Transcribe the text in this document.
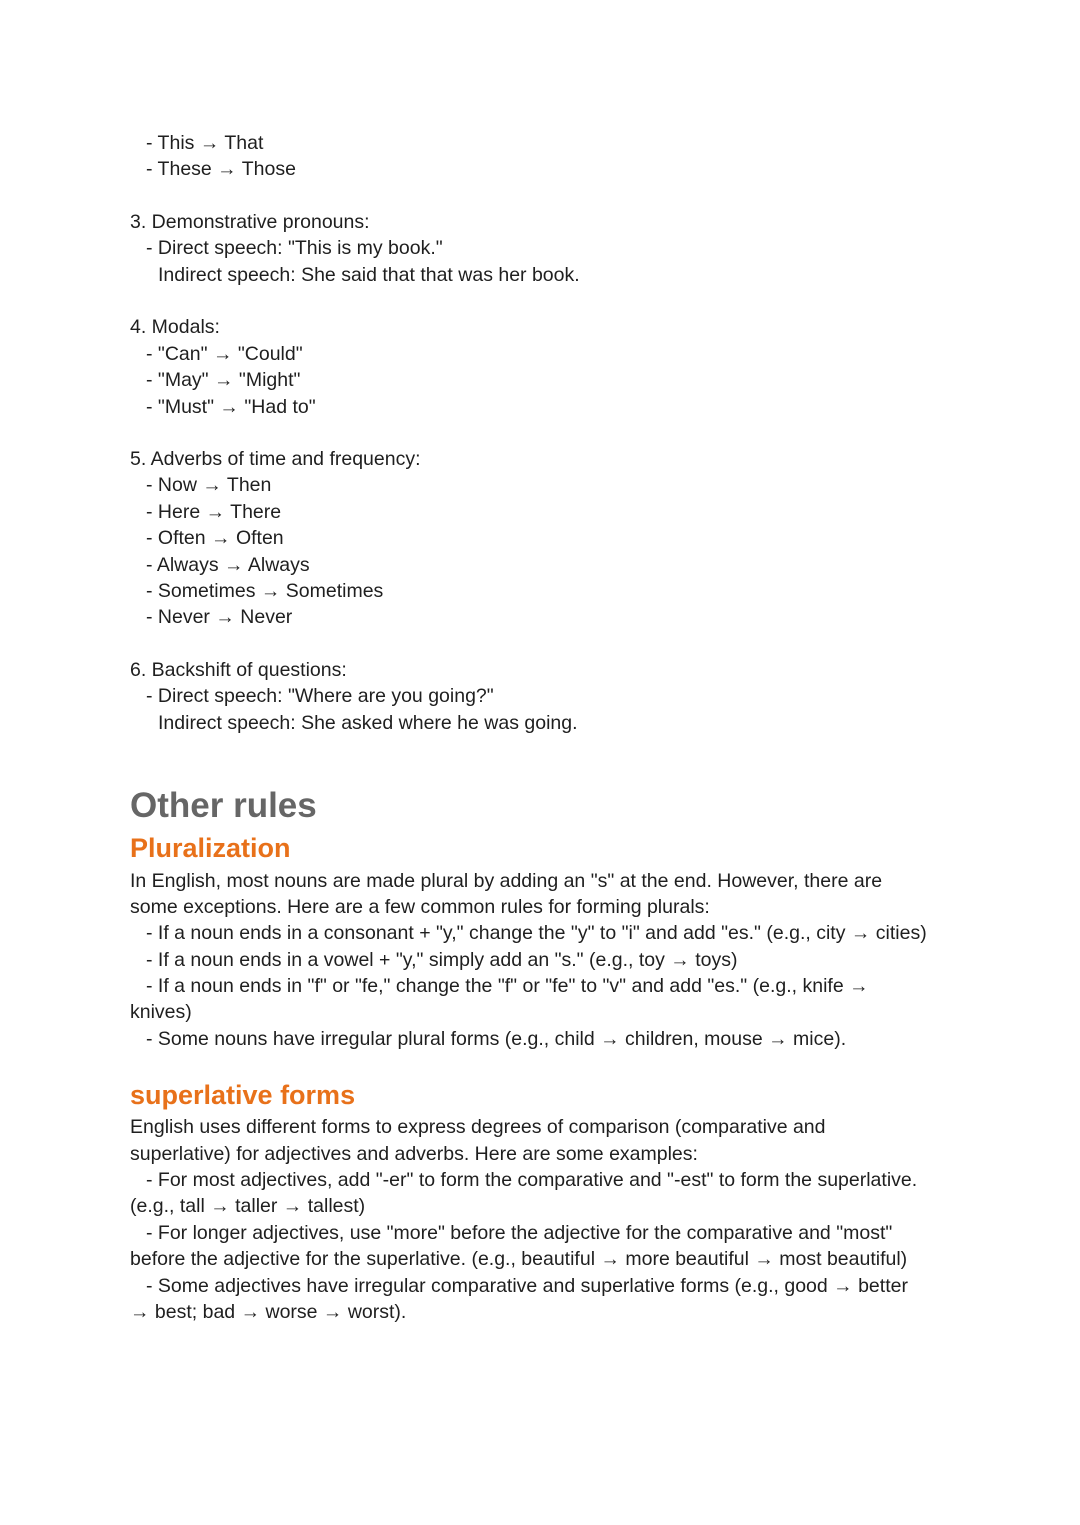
- This → That
- These → Those
3. Demonstrative pronouns:
- Direct speech: "This is my book."
Indirect speech: She said that that was her book.
4. Modals:
- "Can" → "Could"
- "May" → "Might"
- "Must" → "Had to"
5. Adverbs of time and frequency:
- Now → Then
- Here → There
- Often → Often
- Always → Always
- Sometimes → Sometimes
- Never → Never
6. Backshift of questions:
- Direct speech: "Where are you going?"
Indirect speech: She asked where he was going.
Other rules
Pluralization
In English, most nouns are made plural by adding an "s" at the end. However, there are
some exceptions. Here are a few common rules for forming plurals:
- If a noun ends in a consonant + "y," change the "y" to "i" and add "es." (e.g., city → cities)
- If a noun ends in a vowel + "y," simply add an "s." (e.g., toy → toys)
- If a noun ends in "f" or "fe," change the "f" or "fe" to "v" and add "es." (e.g., knife →
knives)
- Some nouns have irregular plural forms (e.g., child → children, mouse → mice).
superlative forms
English uses different forms to express degrees of comparison (comparative and
superlative) for adjectives and adverbs. Here are some examples:
- For most adjectives, add "-er" to form the comparative and "-est" to form the superlative.
(e.g., tall → taller → tallest)
- For longer adjectives, use "more" before the adjective for the comparative and "most"
before the adjective for the superlative. (e.g., beautiful → more beautiful → most beautiful)
- Some adjectives have irregular comparative and superlative forms (e.g., good → better
→ best; bad → worse → worst).
